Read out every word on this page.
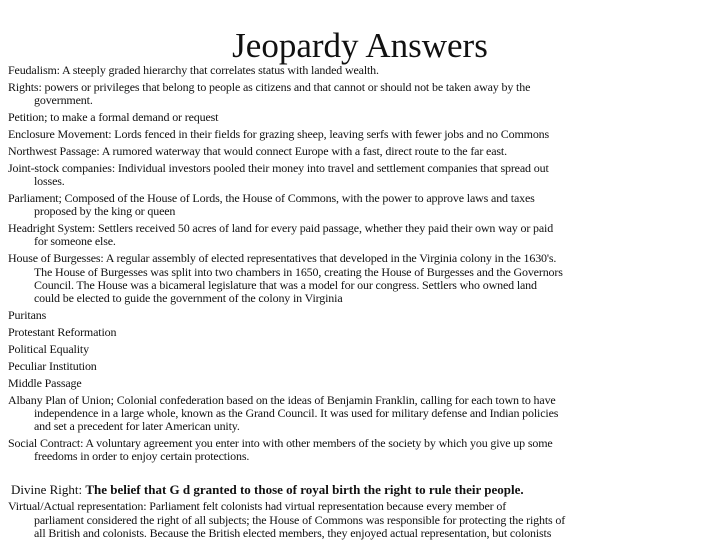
Jeopardy Answers
Feudalism: A steeply graded hierarchy that correlates status with landed wealth.
Rights: powers or privileges that belong to people as citizens and that cannot or should not be taken away by the
government.
Petition; to make a formal demand or request
Enclosure Movement: Lords fenced in their fields for grazing sheep, leaving serfs with fewer jobs and no Commons
Northwest Passage: A rumored waterway that would connect Europe with a fast, direct route to the far east.
Joint-stock companies: Individual investors pooled their money into travel and settlement companies that spread out
losses.
Parliament; Composed of the House of Lords, the House of Commons, with the power to approve laws and taxes
proposed by the king or queen
Headright System: Settlers received 50 acres of land for every paid passage, whether they paid their own way or paid
for someone else.
House of Burgesses: A regular assembly of elected representatives that developed in the Virginia colony in the 1630's.
The House of Burgesses was split into two chambers in 1650, creating the House of Burgesses and the Governors
Council. The House was a bicameral legislature that was a model for our congress. Settlers who owned land
could be elected to guide the government of the colony in Virginia
Puritans
Protestant Reformation
Political Equality
Peculiar Institution
Middle Passage
Albany Plan of Union; Colonial confederation based on the ideas of Benjamin Franklin, calling for each town to have
independence in a large whole, known as the Grand Council. It was used for military defense and Indian policies
and set a precedent for later American unity.
Social Contract: A voluntary agreement you enter into with other members of the society by which you give up some
freedoms in order to enjoy certain protections.
Divine Right: The belief that G d granted to those of royal birth the right to rule their people.
Virtual/Actual representation: Parliament felt colonists had virtual representation because every member of
parliament considered the right of all subjects; the House of Commons was responsible for protecting the rights of
all British and colonists. Because the British elected members, they enjoyed actual representation, but colonists
